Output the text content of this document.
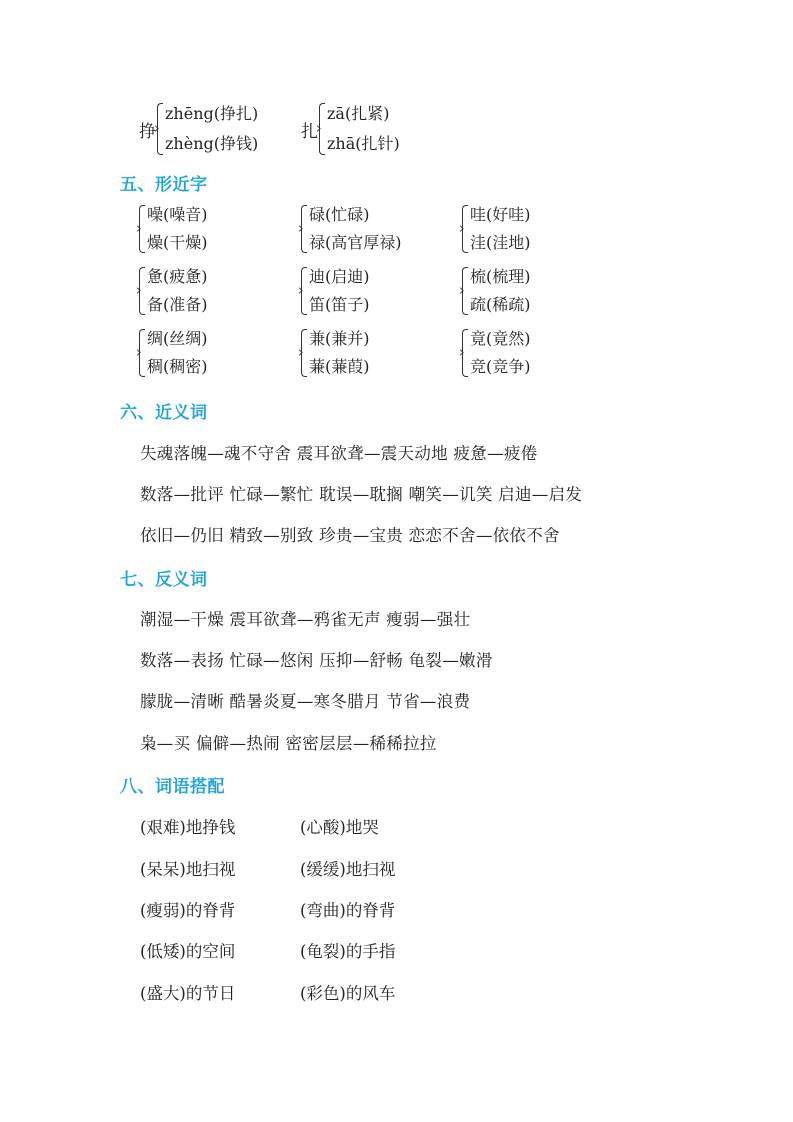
挣
zhēng(挣扎)
zhèng(挣钱)
扎
zā(扎紧)
zhā(扎针)
五、形近字
噪(噪音)
燥(干燥)
碌(忙碌)
禄(高官厚禄)
哇(好哇)
洼(洼地)
惫(疲惫)
备(准备)
迪(启迪)
笛(笛子)
梳(梳理)
疏(稀疏)
绸(丝绸)
稠(稠密)
兼(兼并)
蒹(蒹葭)
竟(竟然)
竞(竞争)
六、近义词
失魂落魄—魂不守舍 震耳欲聋—震天动地 疲惫—疲倦
数落—批评 忙碌—繁忙 耽误—耽搁 嘲笑—讥笑 启迪—启发
依旧—仍旧 精致—别致 珍贵—宝贵 恋恋不舍—依依不舍
七、反义词
潮湿—干燥 震耳欲聋—鸦雀无声 瘦弱—强壮
数落—表扬 忙碌—悠闲 压抑—舒畅 龟裂—嫩滑
朦胧—清晰 酷暑炎夏—寒冬腊月 节省—浪费
枭—买 偏僻—热闹 密密层层—稀稀拉拉
八、词语搭配
(艰难)地挣钱	(心酸)地哭
(呆呆)地扫视	(缓缓)地扫视
(瘦弱)的脊背	(弯曲)的脊背
(低矮)的空间	(龟裂)的手指
(盛大)的节日	(彩色)的风车
